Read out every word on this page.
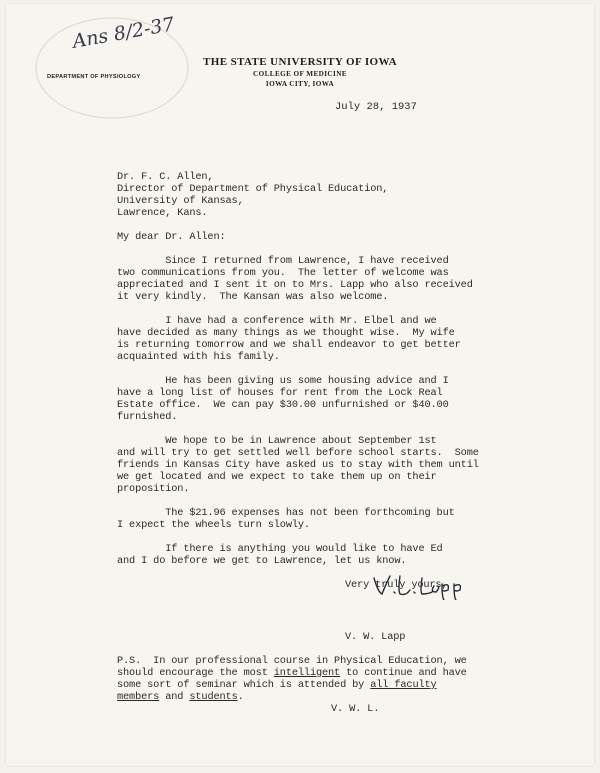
Ans 8/2-37
DEPARTMENT OF PHYSIOLOGY
THE STATE UNIVERSITY OF IOWA
COLLEGE OF MEDICINE
IOWA CITY, IOWA
July 28, 1937
Dr. F. C. Allen,
Director of Department of Physical Education,
University of Kansas,
Lawrence, Kans.
My dear Dr. Allen:
Since I returned from Lawrence, I have received
two communications from you.  The letter of welcome was
appreciated and I sent it on to Mrs. Lapp who also received
it very kindly.  The Kansan was also welcome.
I have had a conference with Mr. Elbel and we
have decided as many things as we thought wise.  My wife
is returning tomorrow and we shall endeavor to get better
acquainted with his family.
He has been giving us some housing advice and I
have a long list of houses for rent from the Lock Real
Estate office.  We can pay $30.00 unfurnished or $40.00
furnished.
We hope to be in Lawrence about September 1st
and will try to get settled well before school starts.  Some
friends in Kansas City have asked us to stay with them until
we get located and we expect to take them up on their
proposition.
The $21.96 expenses has not been forthcoming but
I expect the wheels turn slowly.
If there is anything you would like to have Ed
and I do before we get to Lawrence, let us know.
Very truly yours,
V. W. Lapp
P.S.  In our professional course in Physical Education, we
should encourage the most intelligent to continue and have
some sort of seminar which is attended by all faculty
members and students.
V. W. L.
